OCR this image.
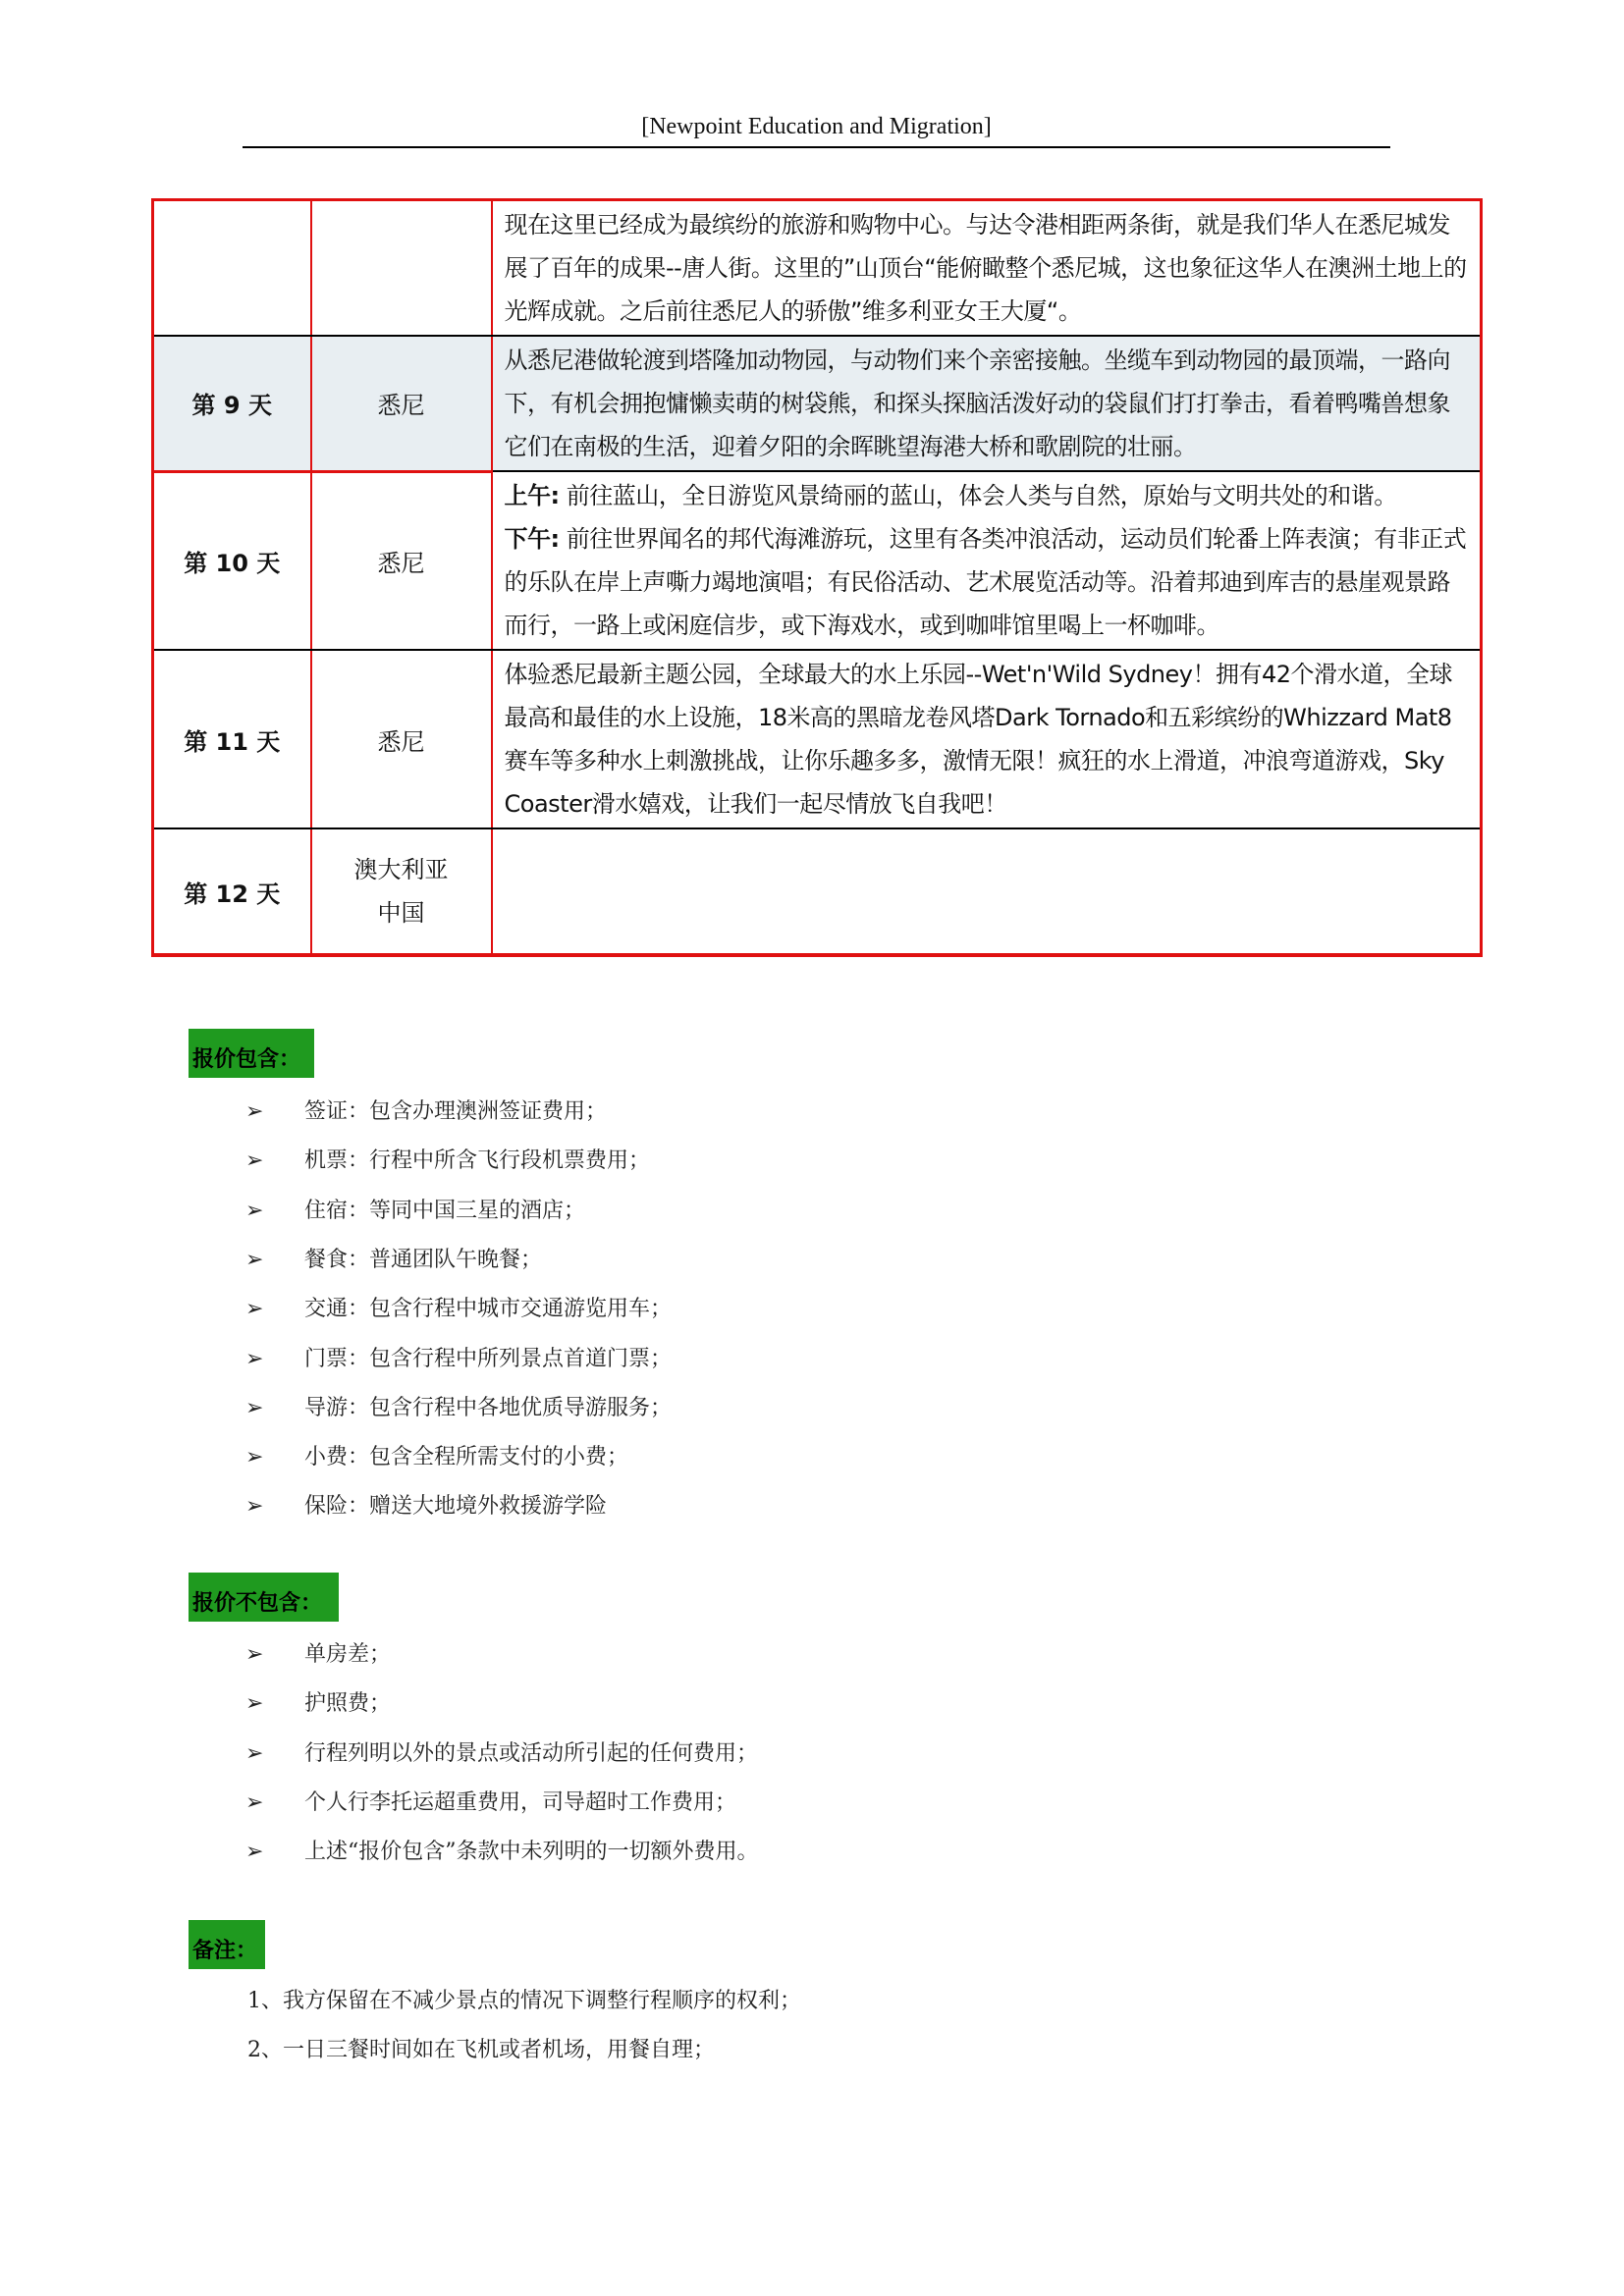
[Newpoint Education and Migration]
		现在这里已经成为最缤纷的旅游和购物中心。与达令港相距两条街，就是我们华人在悉尼城发展了百年的成果--唐人街。这里的”山顶台“能俯瞰整个悉尼城，这也象征这华人在澳洲土地上的光辉成就。之后前往悉尼人的骄傲”维多利亚女王大厦“。
第 9 天	悉尼	从悉尼港做轮渡到塔隆加动物园，与动物们来个亲密接触。坐缆车到动物园的最顶端，一路向下，有机会拥抱慵懒卖萌的树袋熊，和探头探脑活泼好动的袋鼠们打打拳击，看着鸭嘴兽想象它们在南极的生活，迎着夕阳的余晖眺望海港大桥和歌剧院的壮丽。
第 10 天	悉尼	上午: 前往蓝山，全日游览风景绮丽的蓝山，体会人类与自然，原始与文明共处的和谐。
下午: 前往世界闻名的邦代海滩游玩，这里有各类冲浪活动，运动员们轮番上阵表演；有非正式的乐队在岸上声嘶力竭地演唱；有民俗活动、艺术展览活动等。沿着邦迪到库吉的悬崖观景路而行，一路上或闲庭信步，或下海戏水，或到咖啡馆里喝上一杯咖啡。
第 11 天	悉尼	体验悉尼最新主题公园，全球最大的水上乐园--Wet'n'Wild Sydney！拥有42个滑水道，全球最高和最佳的水上设施，18米高的黑暗龙卷风塔Dark Tornado和五彩缤纷的Whizzard Mat8赛车等多种水上刺激挑战，让你乐趣多多，激情无限！疯狂的水上滑道，冲浪弯道游戏，Sky Coaster滑水嬉戏，让我们一起尽情放飞自我吧！
第 12 天	澳大利亚
中国	

报价包含：
➢ 签证：包含办理澳洲签证费用；
➢ 机票：行程中所含飞行段机票费用；
➢ 住宿：等同中国三星的酒店；
➢ 餐食：普通团队午晚餐；
➢ 交通：包含行程中城市交通游览用车；
➢ 门票：包含行程中所列景点首道门票；
➢ 导游：包含行程中各地优质导游服务；
➢ 小费：包含全程所需支付的小费；
➢ 保险：赠送大地境外救援游学险
报价不包含：
➢ 单房差；
➢ 护照费；
➢ 行程列明以外的景点或活动所引起的任何费用；
➢ 个人行李托运超重费用，司导超时工作费用；
➢ 上述“报价包含”条款中未列明的一切额外费用。
备注：
1、我方保留在不减少景点的情况下调整行程顺序的权利；
2、一日三餐时间如在飞机或者机场，用餐自理；
